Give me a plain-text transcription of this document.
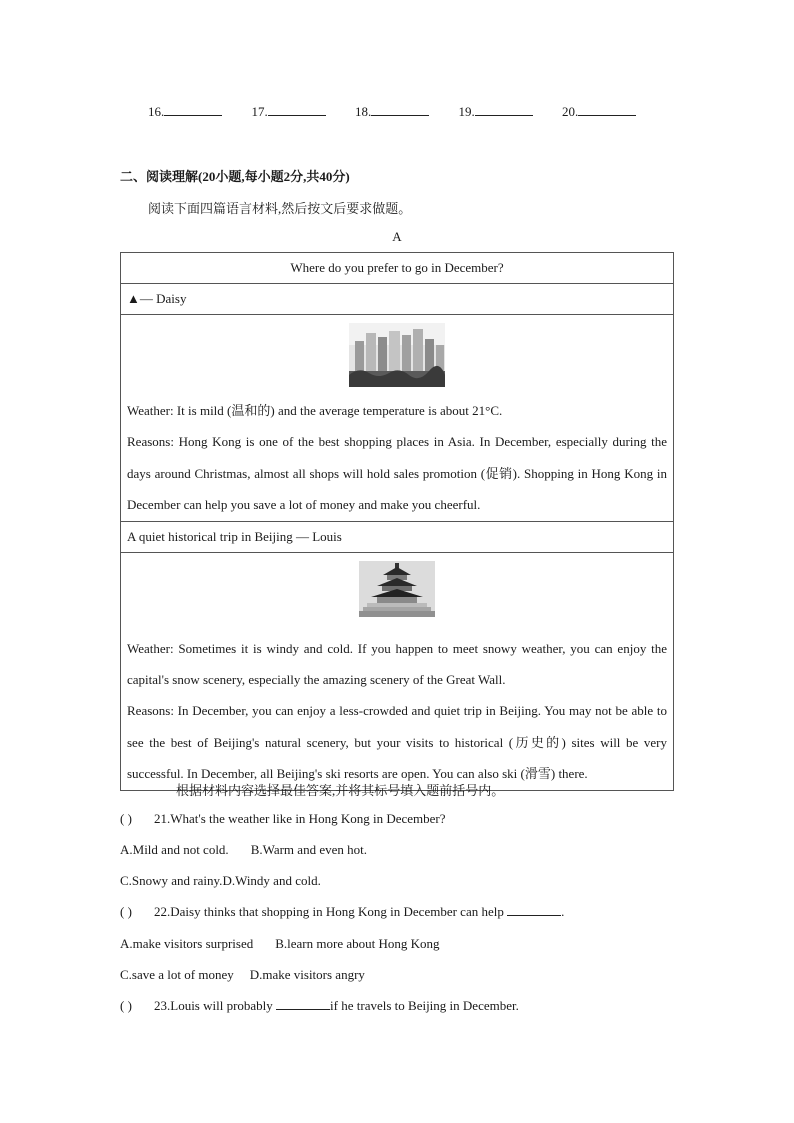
16.	17.	18.	19.	20.
二、阅读理解(20小题,每小题2分,共40分)
阅读下面四篇语言材料,然后按文后要求做题。
A
Where do you prefer to go in December?
▲— Daisy

Weather: It is mild (温和的) and the average temperature is about 21°C.

Reasons: Hong Kong is one of the best shopping places in Asia. In December, especially during the days around Christmas, almost all shops will hold sales promotion (促销). Shopping in Hong Kong in December can help you save a lot of money and make you cheerful.

A quiet historical trip in Beijing — Louis

Weather: Sometimes it is windy and cold. If you happen to meet snowy weather, you can enjoy the capital's snow scenery, especially the amazing scenery of the Great Wall.

Reasons: In December, you can enjoy a less-crowded and quiet trip in Beijing. You may not be able to see the best of Beijing's natural scenery, but your visits to historical (历史的) sites will be very successful. In December, all Beijing's ski resorts are open. You can also ski (滑雪) there.

根据材料内容选择最佳答案,并将其标号填入题前括号内。
( ) 21.What's the weather like in Hong Kong in December?
A.Mild and not cold. B.Warm and even hot.
C.Snowy and rainy.D.Windy and cold.
( ) 22.Daisy thinks that shopping in Hong Kong in December can help	.
A.make visitors surprised B.learn more about Hong Kong
C.save a lot of money D.make visitors angry
( ) 23.Louis will probably	if he travels to Beijing in December.
